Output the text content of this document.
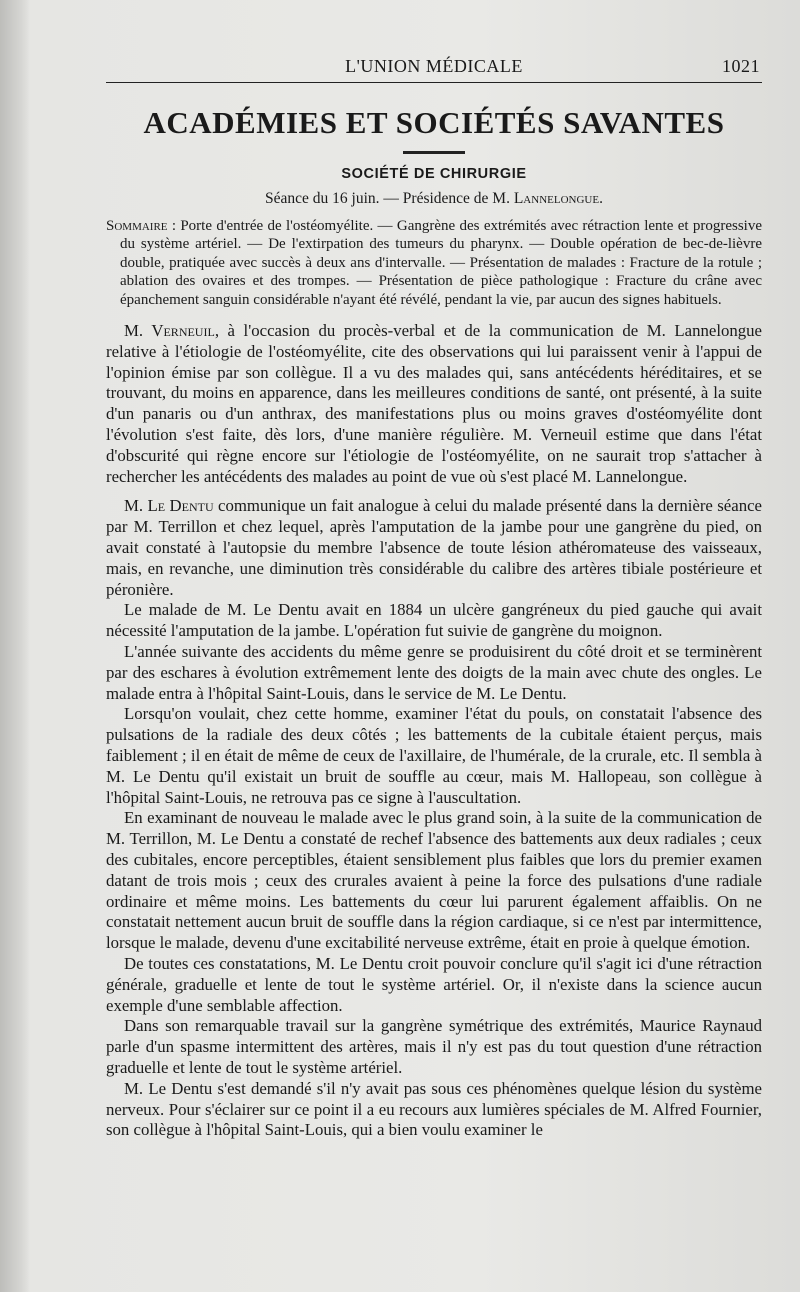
L'UNION MÉDICALE	1021
ACADÉMIES ET SOCIÉTÉS SAVANTES
SOCIÉTÉ DE CHIRURGIE
Séance du 16 juin. — Présidence de M. Lannelongue.

Sommaire : Porte d'entrée de l'ostéomyélite. — Gangrène des extrémités avec rétraction lente et progressive du système artériel. — De l'extirpation des tumeurs du pharynx. — Double opération de bec-de-lièvre double, pratiquée avec succès à deux ans d'intervalle. — Présentation de malades : Fracture de la rotule ; ablation des ovaires et des trompes. — Présentation de pièce pathologique : Fracture du crâne avec épanchement sanguin considérable n'ayant été révélé, pendant la vie, par aucun des signes habituels.

M. Verneuil, à l'occasion du procès-verbal et de la communication de M. Lannelongue relative à l'étiologie de l'ostéomyélite, cite des observations qui lui paraissent venir à l'appui de l'opinion émise par son collègue. Il a vu des malades qui, sans antécédents héréditaires, et se trouvant, du moins en apparence, dans les meilleures conditions de santé, ont présenté, à la suite d'un panaris ou d'un anthrax, des manifestations plus ou moins graves d'ostéomyélite dont l'évolution s'est faite, dès lors, d'une manière régulière. M. Verneuil estime que dans l'état d'obscurité qui règne encore sur l'étiologie de l'ostéomyélite, on ne saurait trop s'attacher à rechercher les antécédents des malades au point de vue où s'est placé M. Lannelongue.

M. Le Dentu communique un fait analogue à celui du malade présenté dans la dernière séance par M. Terrillon et chez lequel, après l'amputation de la jambe pour une gangrène du pied, on avait constaté à l'autopsie du membre l'absence de toute lésion athéromateuse des vaisseaux, mais, en revanche, une diminution très considérable du calibre des artères tibiale postérieure et péronière.

Le malade de M. Le Dentu avait en 1884 un ulcère gangréneux du pied gauche qui avait nécessité l'amputation de la jambe. L'opération fut suivie de gangrène du moignon.

L'année suivante des accidents du même genre se produisirent du côté droit et se terminèrent par des eschares à évolution extrêmement lente des doigts de la main avec chute des ongles. Le malade entra à l'hôpital Saint-Louis, dans le service de M. Le Dentu.

Lorsqu'on voulait, chez cette homme, examiner l'état du pouls, on constatait l'absence des pulsations de la radiale des deux côtés ; les battements de la cubitale étaient perçus, mais faiblement ; il en était de même de ceux de l'axillaire, de l'humérale, de la crurale, etc. Il sembla à M. Le Dentu qu'il existait un bruit de souffle au cœur, mais M. Hallopeau, son collègue à l'hôpital Saint-Louis, ne retrouva pas ce signe à l'auscultation.

En examinant de nouveau le malade avec le plus grand soin, à la suite de la communication de M. Terrillon, M. Le Dentu a constaté de rechef l'absence des battements aux deux radiales ; ceux des cubitales, encore perceptibles, étaient sensiblement plus faibles que lors du premier examen datant de trois mois ; ceux des crurales avaient à peine la force des pulsations d'une radiale ordinaire et même moins. Les battements du cœur lui parurent également affaiblis. On ne constatait nettement aucun bruit de souffle dans la région cardiaque, si ce n'est par intermittence, lorsque le malade, devenu d'une excitabilité nerveuse extrême, était en proie à quelque émotion.

De toutes ces constatations, M. Le Dentu croit pouvoir conclure qu'il s'agit ici d'une rétraction générale, graduelle et lente de tout le système artériel. Or, il n'existe dans la science aucun exemple d'une semblable affection.

Dans son remarquable travail sur la gangrène symétrique des extrémités, Maurice Raynaud parle d'un spasme intermittent des artères, mais il n'y est pas du tout question d'une rétraction graduelle et lente de tout le système artériel.

M. Le Dentu s'est demandé s'il n'y avait pas sous ces phénomènes quelque lésion du système nerveux. Pour s'éclairer sur ce point il a eu recours aux lumières spéciales de M. Alfred Fournier, son collègue à l'hôpital Saint-Louis, qui a bien voulu examiner le
